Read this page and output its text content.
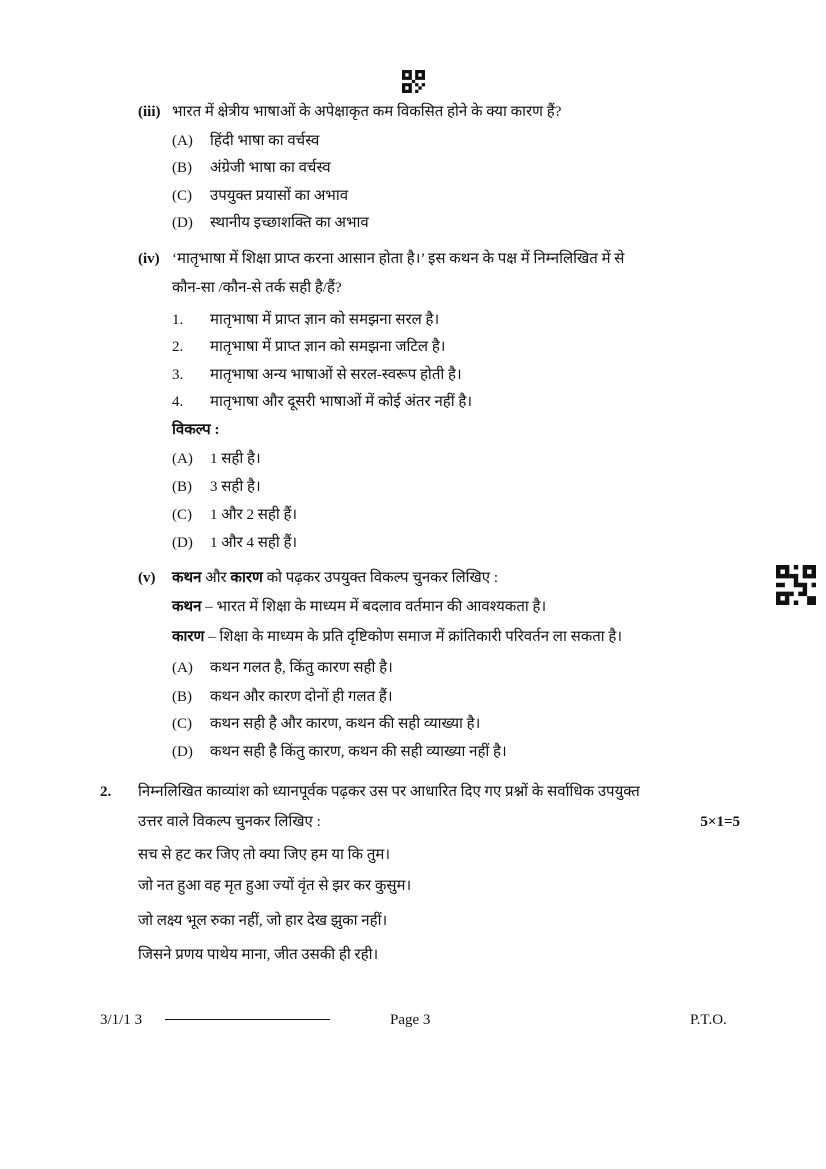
(iii) भारत में क्षेत्रीय भाषाओं के अपेक्षाकृत कम विकसित होने के क्या कारण हैं?
(A) हिंदी भाषा का वर्चस्व
(B) अंग्रेजी भाषा का वर्चस्व
(C) उपयुक्त प्रयासों का अभाव
(D) स्थानीय इच्छाशक्ति का अभाव
(iv) ‘मातृभाषा में शिक्षा प्राप्त करना आसान होता है।’ इस कथन के पक्ष में निम्नलिखित में से
कौन-सा /कौन-से तर्क सही है/हैं?
1. मातृभाषा में प्राप्त ज्ञान को समझना सरल है।
2. मातृभाषा में प्राप्त ज्ञान को समझना जटिल है।
3. मातृभाषा अन्य भाषाओं से सरल-स्वरूप होती है।
4. मातृभाषा और दूसरी भाषाओं में कोई अंतर नहीं है।
विकल्प :
(A) 1 सही है।
(B) 3 सही है।
(C) 1 और 2 सही हैं।
(D) 1 और 4 सही हैं।
(v) कथन और कारण को पढ़कर उपयुक्त विकल्प चुनकर लिखिए :
कथन – भारत में शिक्षा के माध्यम में बदलाव वर्तमान की आवश्यकता है।
कारण – शिक्षा के माध्यम के प्रति दृष्टिकोण समाज में क्रांतिकारी परिवर्तन ला सकता है।
(A) कथन गलत है, किंतु कारण सही है।
(B) कथन और कारण दोनों ही गलत हैं।
(C) कथन सही है और कारण, कथन की सही व्याख्या है।
(D) कथन सही है किंतु कारण, कथन की सही व्याख्या नहीं है।
2. निम्नलिखित काव्यांश को ध्यानपूर्वक पढ़कर उस पर आधारित दिए गए प्रश्नों के सर्वाधिक उपयुक्त
उत्तर वाले विकल्प चुनकर लिखिए :	5×1=5
सच से हट कर जिए तो क्या जिए हम या कि तुम।
जो नत हुआ वह मृत हुआ ज्यों वृंत से झर कर कुसुम।
जो लक्ष्य भूल रुका नहीं, जो हार देख झुका नहीं।
जिसने प्रणय पाथेय माना, जीत उसकी ही रही।
3/1/1 3	Page 3	P.T.O.
